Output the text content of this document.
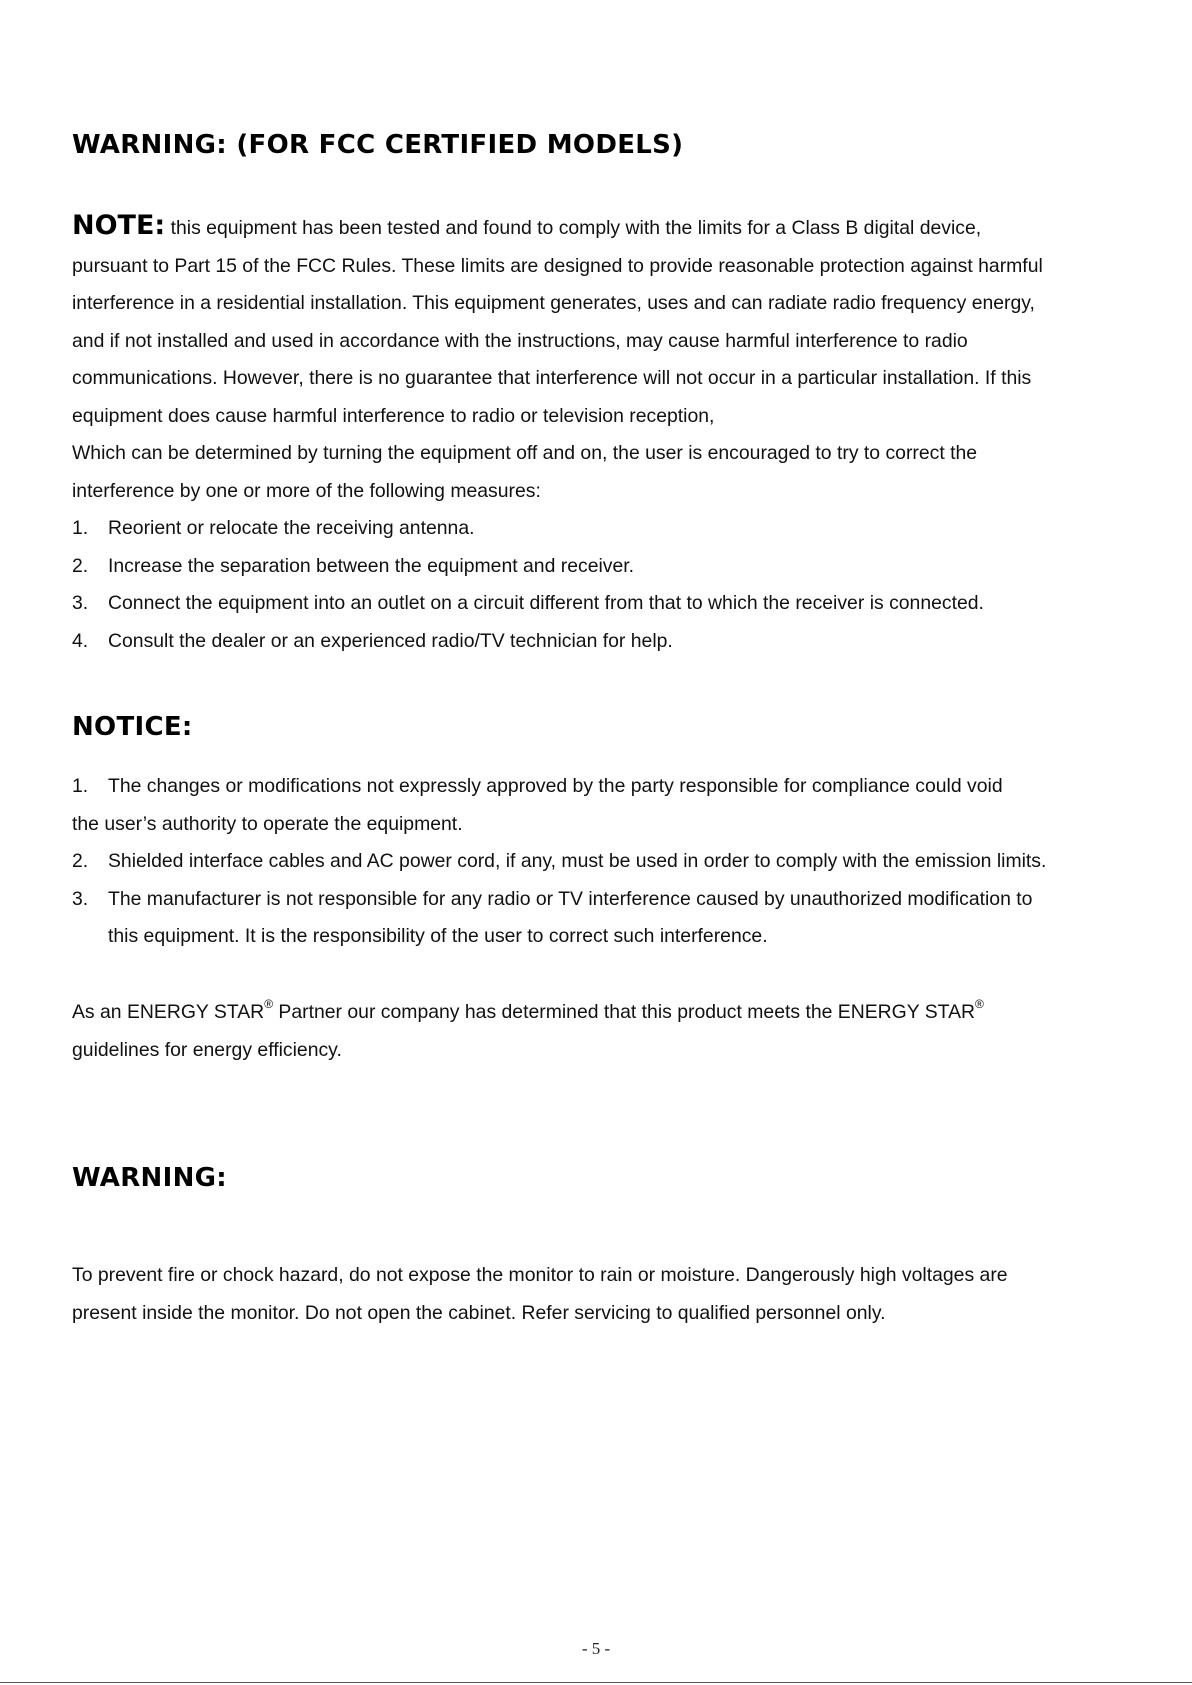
WARNING: (FOR FCC CERTIFIED MODELS)
NOTE: this equipment has been tested and found to comply with the limits for a Class B digital device,
pursuant to Part 15 of the FCC Rules. These limits are designed to provide reasonable protection against harmful
interference in a residential installation. This equipment generates, uses and can radiate radio frequency energy,
and if not installed and used in accordance with the instructions, may cause harmful interference to radio
communications. However, there is no guarantee that interference will not occur in a particular installation. If this
equipment does cause harmful interference to radio or television reception,
Which can be determined by turning the equipment off and on, the user is encouraged to try to correct the
interference by one or more of the following measures:
1. Reorient or relocate the receiving antenna.
2. Increase the separation between the equipment and receiver.
3. Connect the equipment into an outlet on a circuit different from that to which the receiver is connected.
4. Consult the dealer or an experienced radio/TV technician for help.
NOTICE:
1. The changes or modifications not expressly approved by the party responsible for compliance could void
the user’s authority to operate the equipment.
2. Shielded interface cables and AC power cord, if any, must be used in order to comply with the emission limits.
3. The manufacturer is not responsible for any radio or TV interference caused by unauthorized modification to
this equipment. It is the responsibility of the user to correct such interference.
As an ENERGY STAR® Partner our company has determined that this product meets the ENERGY STAR®
guidelines for energy efficiency.
WARNING:
To prevent fire or chock hazard, do not expose the monitor to rain or moisture. Dangerously high voltages are
present inside the monitor. Do not open the cabinet. Refer servicing to qualified personnel only.
- 5 -
